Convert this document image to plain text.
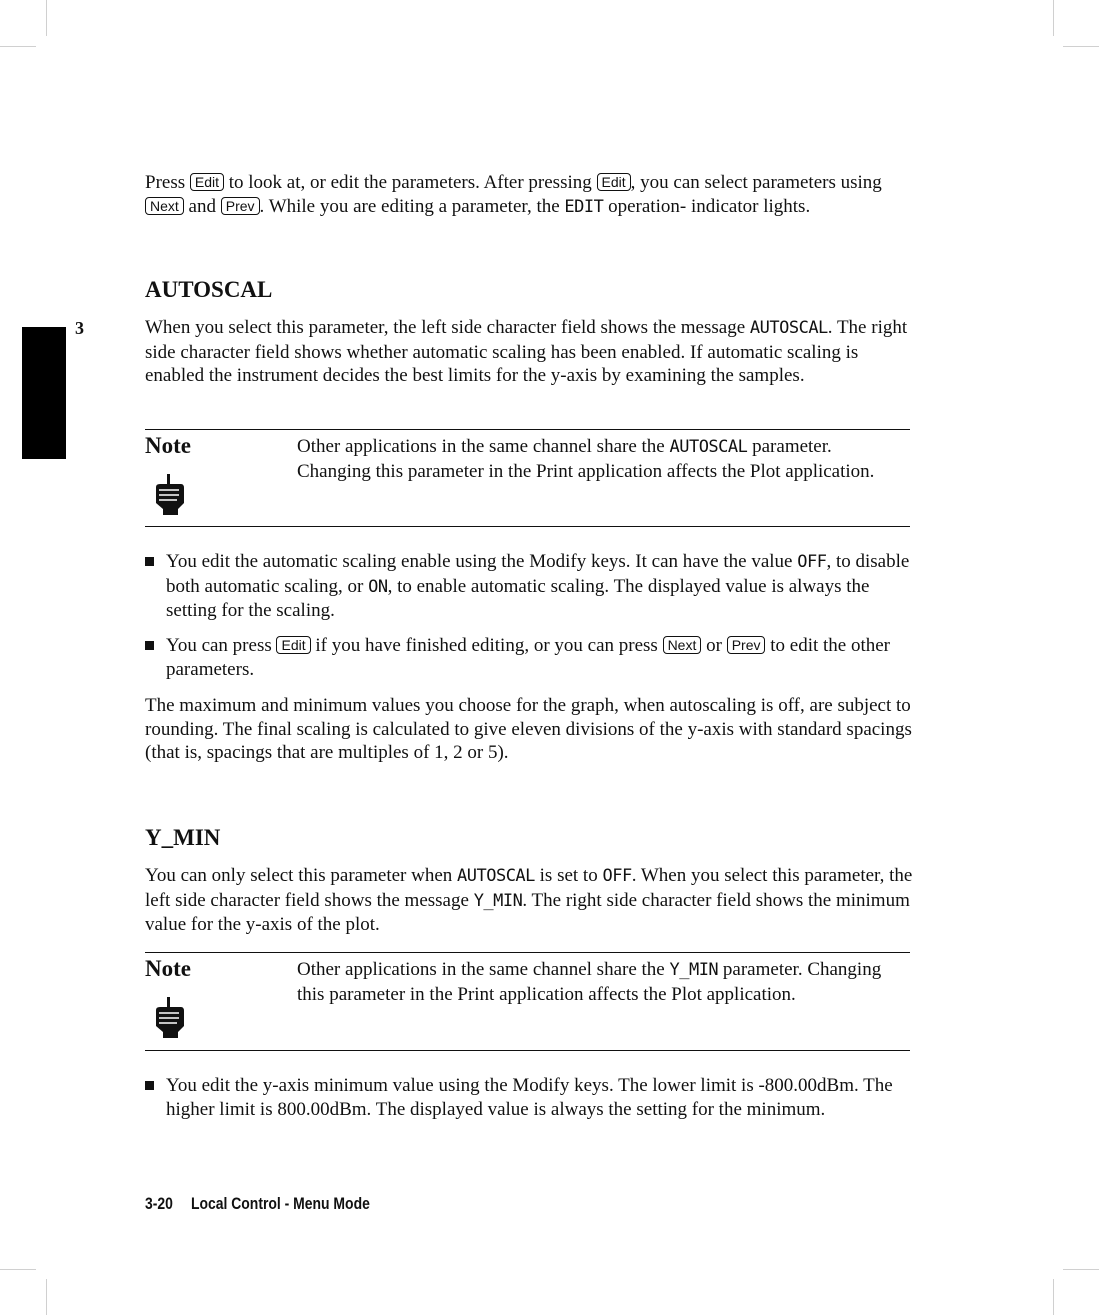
3

Press Edit to look at, or edit the parameters. After pressing Edit , you can select parameters using Next and Prev . While you are editing a parameter, the EDIT operation- indicator lights.

AUTOSCAL

When you select this parameter, the left side character field shows the message AUTOSCAL. The right side character field shows whether automatic scaling has been enabled. If automatic scaling is enabled the instrument decides the best limits for the y-axis by examining the samples.

Note	Other applications in the same channel share the AUTOSCAL parameter. Changing this parameter in the Print application affects the Plot application.
You edit the automatic scaling enable using the Modify keys. It can have the value OFF, to disable both automatic scaling, or ON, to enable automatic scaling. The displayed value is always the setting for the scaling.
You can press Edit if you have finished editing, or you can press Next or Prev to edit the other parameters.

The maximum and minimum values you choose for the graph, when autoscaling is off, are subject to rounding. The final scaling is calculated to give eleven divisions of the y-axis with standard spacings (that is, spacings that are multiples of 1, 2 or 5).

Y_MIN

You can only select this parameter when AUTOSCAL is set to OFF. When you select this parameter, the left side character field shows the message Y_MIN. The right side character field shows the minimum value for the y-axis of the plot.

Note	Other applications in the same channel share the Y_MIN parameter. Changing this parameter in the Print application affects the Plot application.
You edit the y-axis minimum value using the Modify keys. The lower limit is -800.00dBm. The higher limit is 800.00dBm. The displayed value is always the setting for the minimum.
3-20 Local Control - Menu Mode
